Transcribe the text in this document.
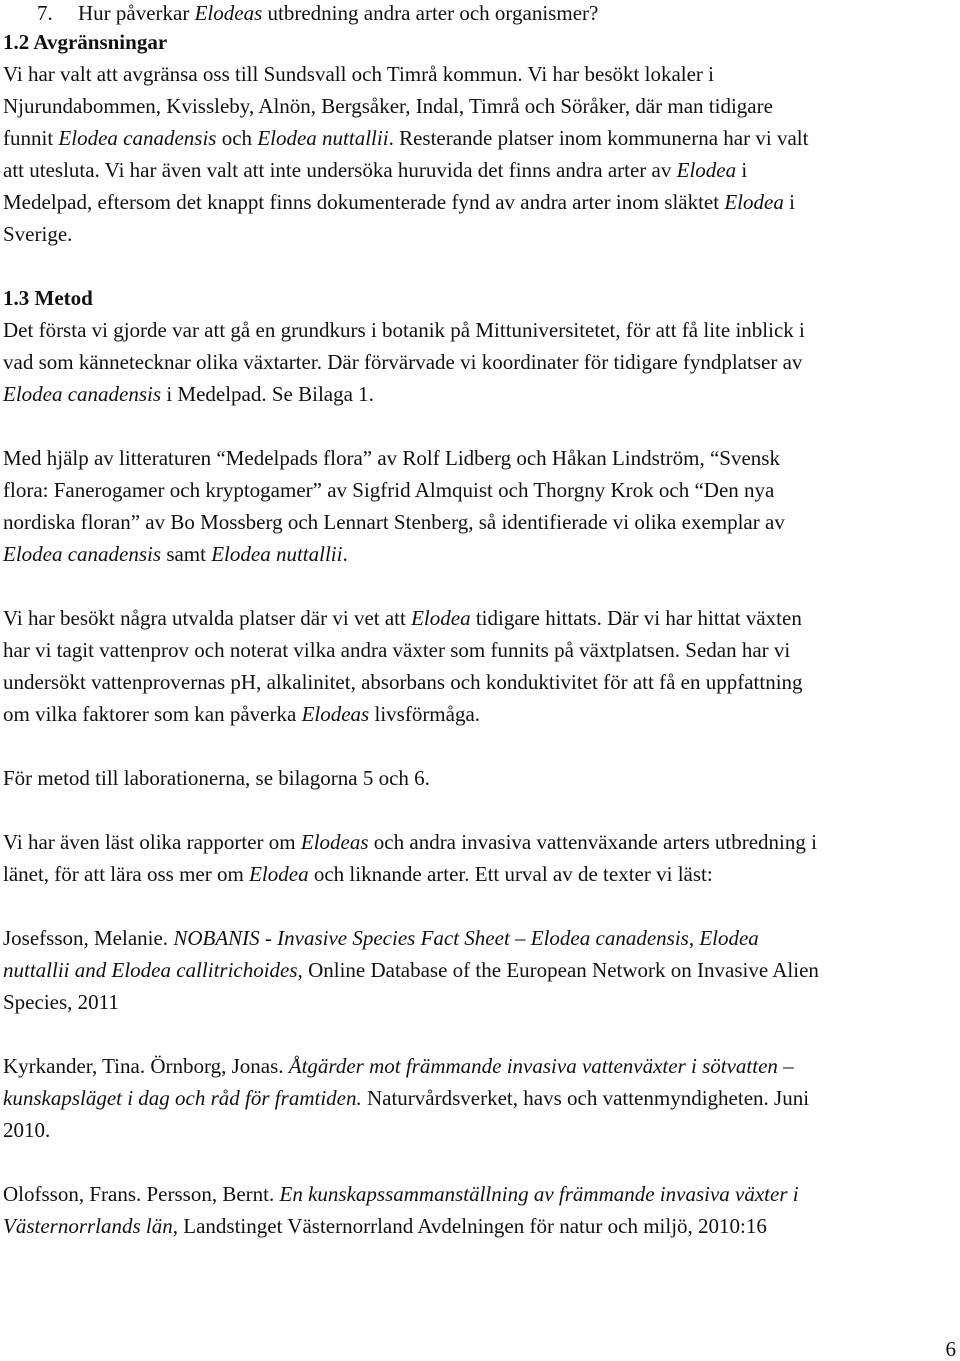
7. Hur påverkar Elodeas utbredning andra arter och organismer?
1.2 Avgränsningar
Vi har valt att avgränsa oss till Sundsvall och Timrå kommun. Vi har besökt lokaler i
Njurundabommen, Kvissleby, Alnön, Bergsåker, Indal, Timrå och Söråker, där man tidigare
funnit Elodea canadensis och Elodea nuttallii. Resterande platser inom kommunerna har vi valt
att utesluta. Vi har även valt att inte undersöka huruvida det finns andra arter av Elodea i
Medelpad, eftersom det knappt finns dokumenterade fynd av andra arter inom släktet Elodea i
Sverige.
1.3 Metod
Det första vi gjorde var att gå en grundkurs i botanik på Mittuniversitetet, för att få lite inblick i
vad som kännetecknar olika växtarter. Där förvärvade vi koordinater för tidigare fyndplatser av
Elodea canadensis i Medelpad. Se Bilaga 1.
Med hjälp av litteraturen “Medelpads flora” av Rolf Lidberg och Håkan Lindström, “Svensk
flora: Fanerogamer och kryptogamer” av Sigfrid Almquist och Thorgny Krok och “Den nya
nordiska floran” av Bo Mossberg och Lennart Stenberg, så identifierade vi olika exemplar av
Elodea canadensis samt Elodea nuttallii.
Vi har besökt några utvalda platser där vi vet att Elodea tidigare hittats. Där vi har hittat växten
har vi tagit vattenprov och noterat vilka andra växter som funnits på växtplatsen. Sedan har vi
undersökt vattenprovernas pH, alkalinitet, absorbans och konduktivitet för att få en uppfattning
om vilka faktorer som kan påverka Elodeas livsförmåga.
För metod till laborationerna, se bilagorna 5 och 6.
Vi har även läst olika rapporter om Elodeas och andra invasiva vattenväxande arters utbredning i
länet, för att lära oss mer om Elodea och liknande arter. Ett urval av de texter vi läst:
Josefsson, Melanie. NOBANIS - Invasive Species Fact Sheet – Elodea canadensis, Elodea
nuttallii and Elodea callitrichoides, Online Database of the European Network on Invasive Alien
Species, 2011
Kyrkander, Tina. Örnborg, Jonas. Åtgärder mot främmande invasiva vattenväxter i sötvatten –
kunskapsläget i dag och råd för framtiden. Naturvårdsverket, havs och vattenmyndigheten. Juni
2010.
Olofsson, Frans. Persson, Bernt. En kunskapssammanställning av främmande invasiva växter i
Västernorrlands län, Landstinget Västernorrland Avdelningen för natur och miljö, 2010:16
6
